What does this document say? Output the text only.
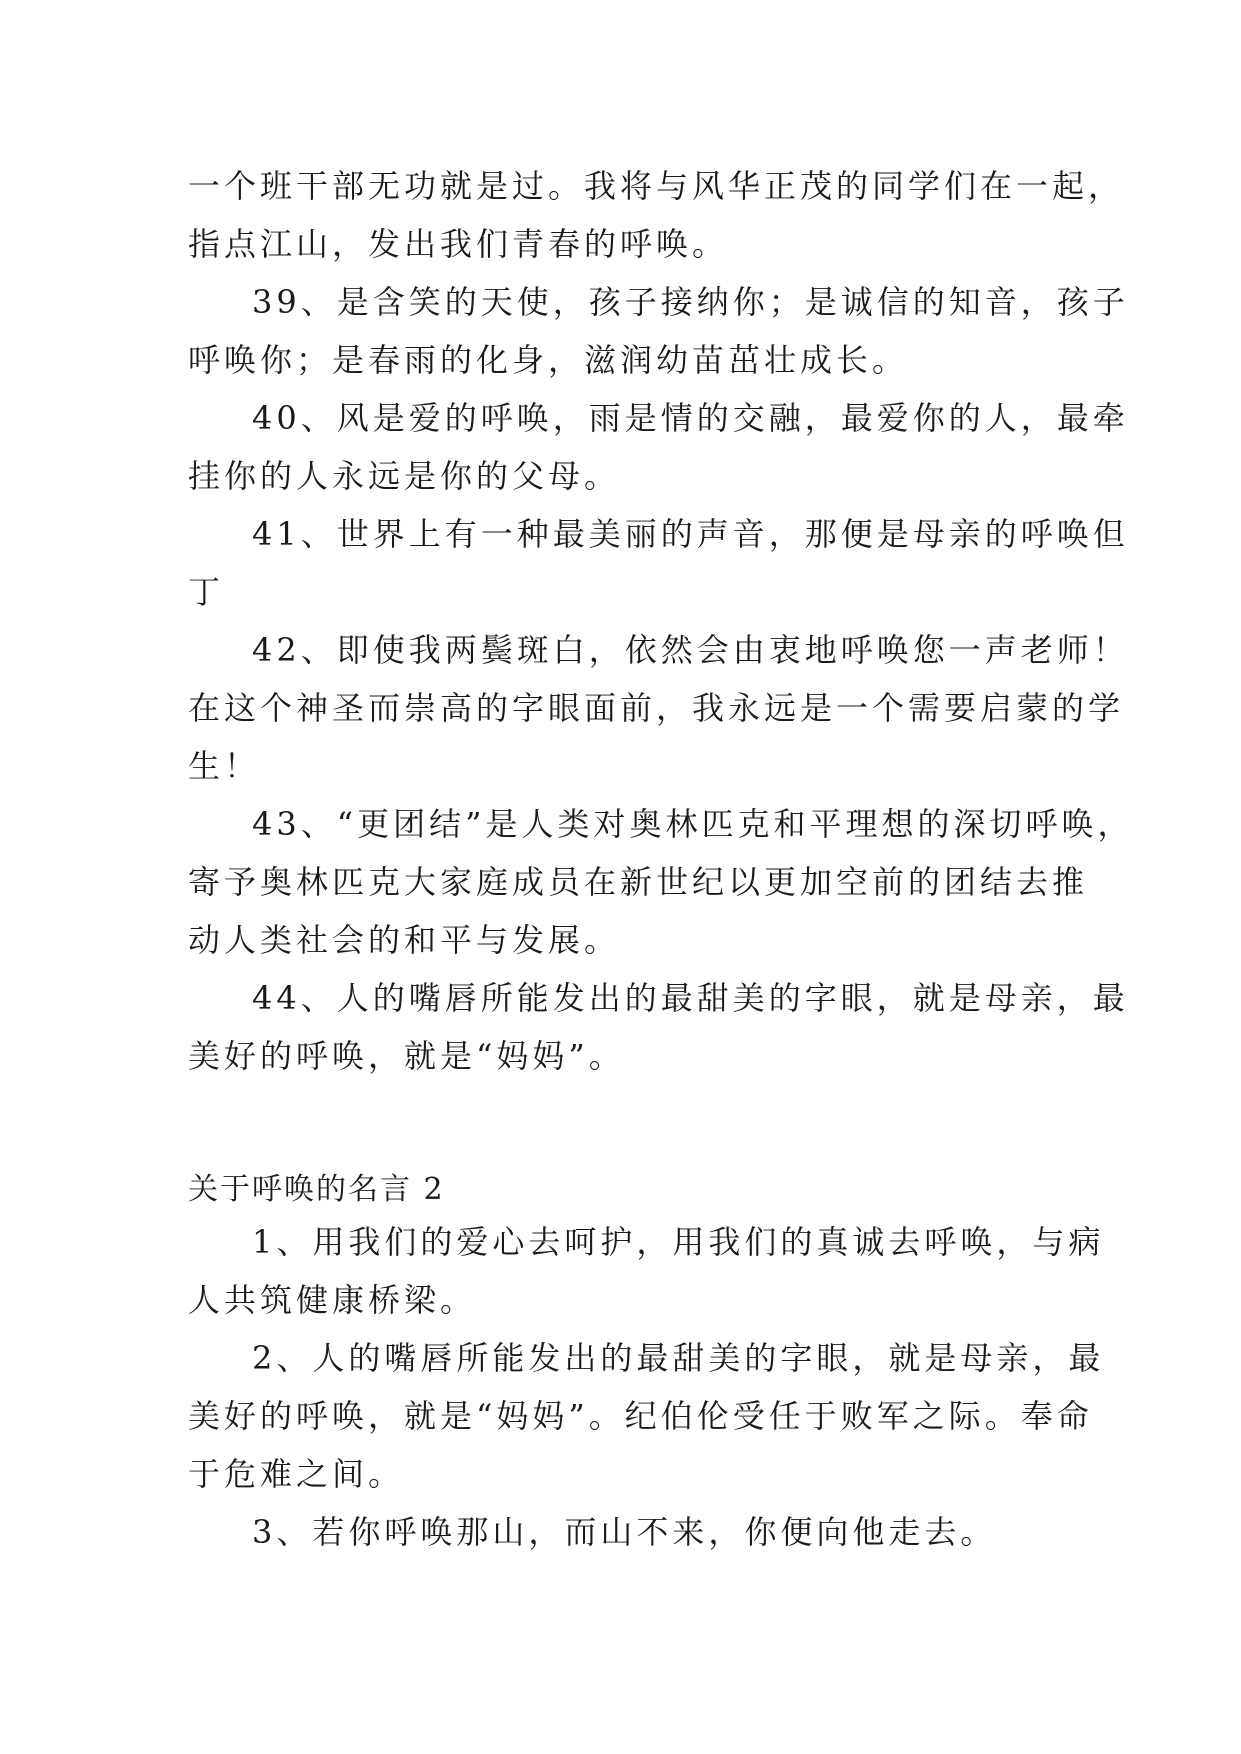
一个班干部无功就是过。我将与风华正茂的同学们在一起，
指点江山，发出我们青春的呼唤。
39、是含笑的天使，孩子接纳你；是诚信的知音，孩子
呼唤你；是春雨的化身，滋润幼苗茁壮成长。
40、风是爱的呼唤，雨是情的交融，最爱你的人，最牵
挂你的人永远是你的父母。
41、世界上有一种最美丽的声音，那便是母亲的呼唤但
丁
42、即使我两鬓斑白，依然会由衷地呼唤您一声老师！
在这个神圣而崇高的字眼面前，我永远是一个需要启蒙的学
生！
43、“更团结”是人类对奥林匹克和平理想的深切呼唤，
寄予奥林匹克大家庭成员在新世纪以更加空前的团结去推
动人类社会的和平与发展。
44、人的嘴唇所能发出的最甜美的字眼，就是母亲，最
美好的呼唤，就是“妈妈”。
关于呼唤的名言 2
1、用我们的爱心去呵护，用我们的真诚去呼唤，与病
人共筑健康桥梁。
2、人的嘴唇所能发出的最甜美的字眼，就是母亲，最
美好的呼唤，就是“妈妈”。纪伯伦受任于败军之际。奉命
于危难之间。
3、若你呼唤那山，而山不来，你便向他走去。
